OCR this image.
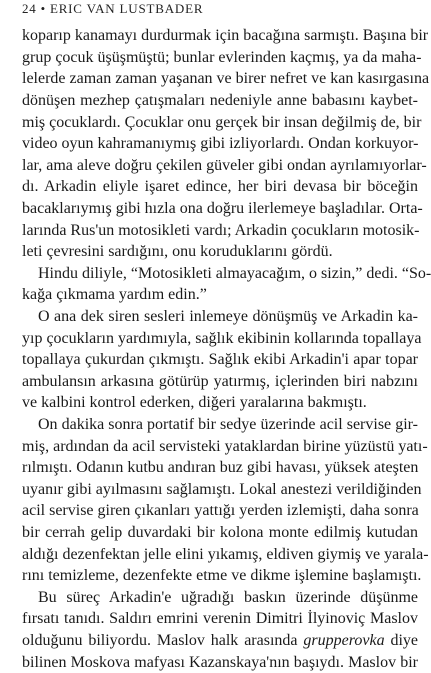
24 • ERIC VAN LUSTBADER
koparıp kanamayı durdurmak için bacağına sarmıştı. Başına bir
grup çocuk üşüşmüştü; bunlar evlerinden kaçmış, ya da maha-
lelerde zaman zaman yaşanan ve birer nefret ve kan kasırgasına
dönüşen mezhep çatışmaları nedeniyle anne babasını kaybet-
miş çocuklardı. Çocuklar onu gerçek bir insan değilmiş de, bir
video oyun kahramanıymış gibi izliyorlardı. Ondan korkuyor-
lar, ama aleve doğru çekilen güveler gibi ondan ayrılamıyorlar-
dı. Arkadin eliyle işaret edince, her biri devasa bir böceğin
bacaklarıymış gibi hızla ona doğru ilerlemeye başladılar. Orta-
larında Rus'un motosikleti vardı; Arkadin çocukların motosik-
leti çevresini sardığını, onu koruduklarını gördü.
Hindu diliyle, “Motosikleti almayacağım, o sizin,” dedi. “So-
kağa çıkmama yardım edin.”
O ana dek siren sesleri inlemeye dönüşmüş ve Arkadin ka-
yıp çocukların yardımıyla, sağlık ekibinin kollarında topallaya
topallaya çukurdan çıkmıştı. Sağlık ekibi Arkadin'i apar topar
ambulansın arkasına götürüp yatırmış, içlerinden biri nabzını
ve kalbini kontrol ederken, diğeri yaralarına bakmıştı.
On dakika sonra portatif bir sedye üzerinde acil servise gir-
miş, ardından da acil servisteki yataklardan birine yüzüstü yatı-
rılmıştı. Odanın kutbu andıran buz gibi havası, yüksek ateşten
uyanır gibi ayılmasını sağlamıştı. Lokal anestezi verildiğinden
acil servise giren çıkanları yattığı yerden izlemişti, daha sonra
bir cerrah gelip duvardaki bir kolona monte edilmiş kutudan
aldığı dezenfektan jelle elini yıkamış, eldiven giymiş ve yarala-
rını temizleme, dezenfekte etme ve dikme işlemine başlamıştı.
Bu süreç Arkadin'e uğradığı baskın üzerinde düşünme
fırsatı tanıdı. Saldırı emrini verenin Dimitri İlyinoviç Maslov
olduğunu biliyordu. Maslov halk arasında grupperovka diye
bilinen Moskova mafyası Kazanskaya'nın başıydı. Maslov bir
